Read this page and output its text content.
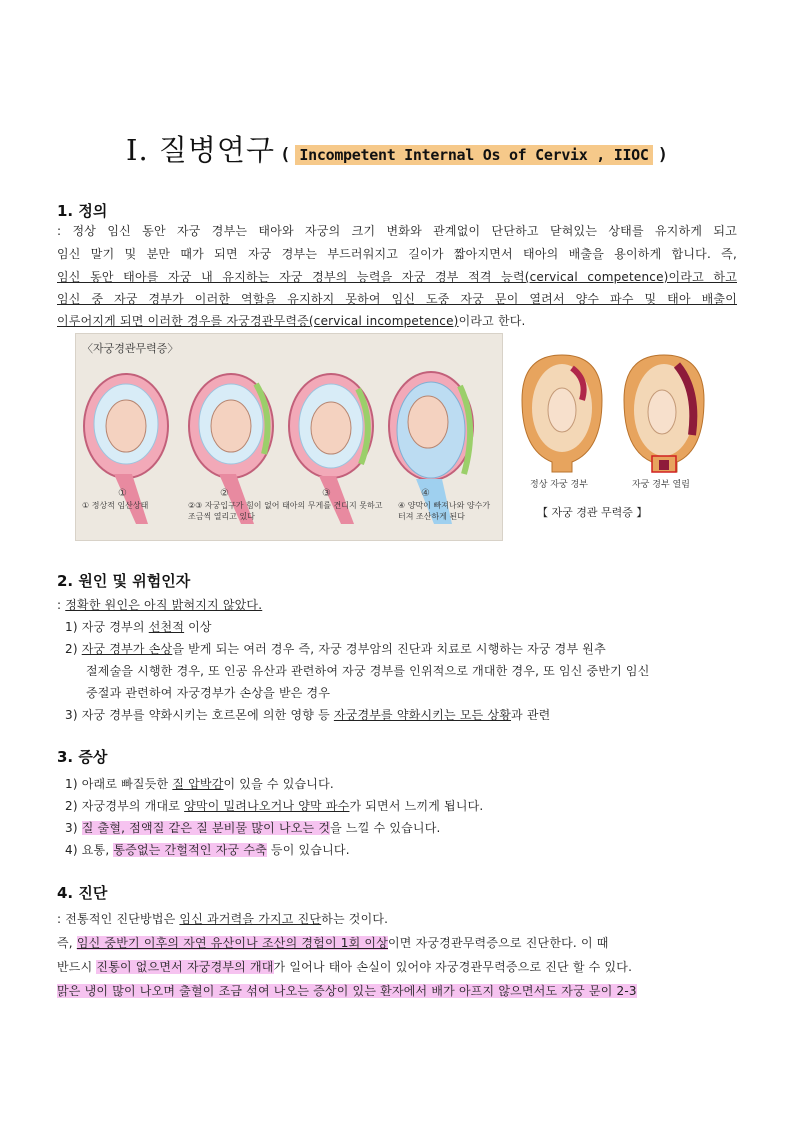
Ⅰ. 질병연구 ( Incompetent Internal Os of Cervix , IIOC )
1. 정의
: 정상 임신 동안 자궁 경부는 태아와 자궁의 크기 변화와 관계없이 단단하고 닫혀있는 상태를 유지하게 되고
임신 말기 및 분만 때가 되면 자궁 경부는 부드러워지고 길이가 짧아지면서 태아의 배출을 용이하게 합니다. 즉,
임신 동안 태아를 자궁 내 유지하는 자궁 경부의 능력을 자궁 경부 적격 능력(cervical competence)이라고 하고
임신 중 자궁 경부가 이러한 역할을 유지하지 못하여 임신 도중 자궁 문이 열려서 양수 파수 및 태아 배출이
이루어지게 되면 이러한 경우를 자궁경관무력증(cervical incompetence)이라고 한다.
①	②	③	④
〈자궁경관무력증〉
① 정상적 임산상태	②③ 자궁입구가 힘이 없어 태아의 무게를 견디지 못하고 조금씩 열리고 있다
④ 양막이 빠져나와 양수가 터져 조산하게 된다
정상 자궁 경부	자궁 경부 열림
【 자궁 경관 무력증 】
2. 원인 및 위험인자
: 정확한 원인은 아직 밝혀지지 않았다.
1) 자궁 경부의 선천적 이상
2) 자궁 경부가 손상을 받게 되는 여러 경우 즉, 자궁 경부암의 진단과 치료로 시행하는 자궁 경부 원추
절제술을 시행한 경우, 또 인공 유산과 관련하여 자궁 경부를 인위적으로 개대한 경우, 또 임신 중반기 임신
중절과 관련하여 자궁경부가 손상을 받은 경우
3) 자궁 경부를 약화시키는 호르몬에 의한 영향 등 자궁경부를 약화시키는 모든 상황과 관련
3. 증상
1) 아래로 빠질듯한 질 압박감이 있을 수 있습니다.
2) 자궁경부의 개대로 양막이 밀려나오거나 양막 파수가 되면서 느끼게 됩니다.
3) 질 출혈, 점액질 같은 질 분비물 많이 나오는 것을 느낄 수 있습니다.
4) 요통, 통증없는 간헐적인 자궁 수축 등이 있습니다.
4. 진단
: 전통적인 진단방법은 임신 과거력을 가지고 진단하는 것이다.
즉, 임신 중반기 이후의 자연 유산이나 조산의 경험이 1회 이상이면 자궁경관무력증으로 진단한다. 이 때
반드시 진통이 없으면서 자궁경부의 개대가 일어나 태아 손실이 있어야 자궁경관무력증으로 진단 할 수 있다.
맑은 냉이 많이 나오며 출혈이 조금 섞여 나오는 증상이 있는 환자에서 배가 아프지 않으면서도 자궁 문이 2-3
